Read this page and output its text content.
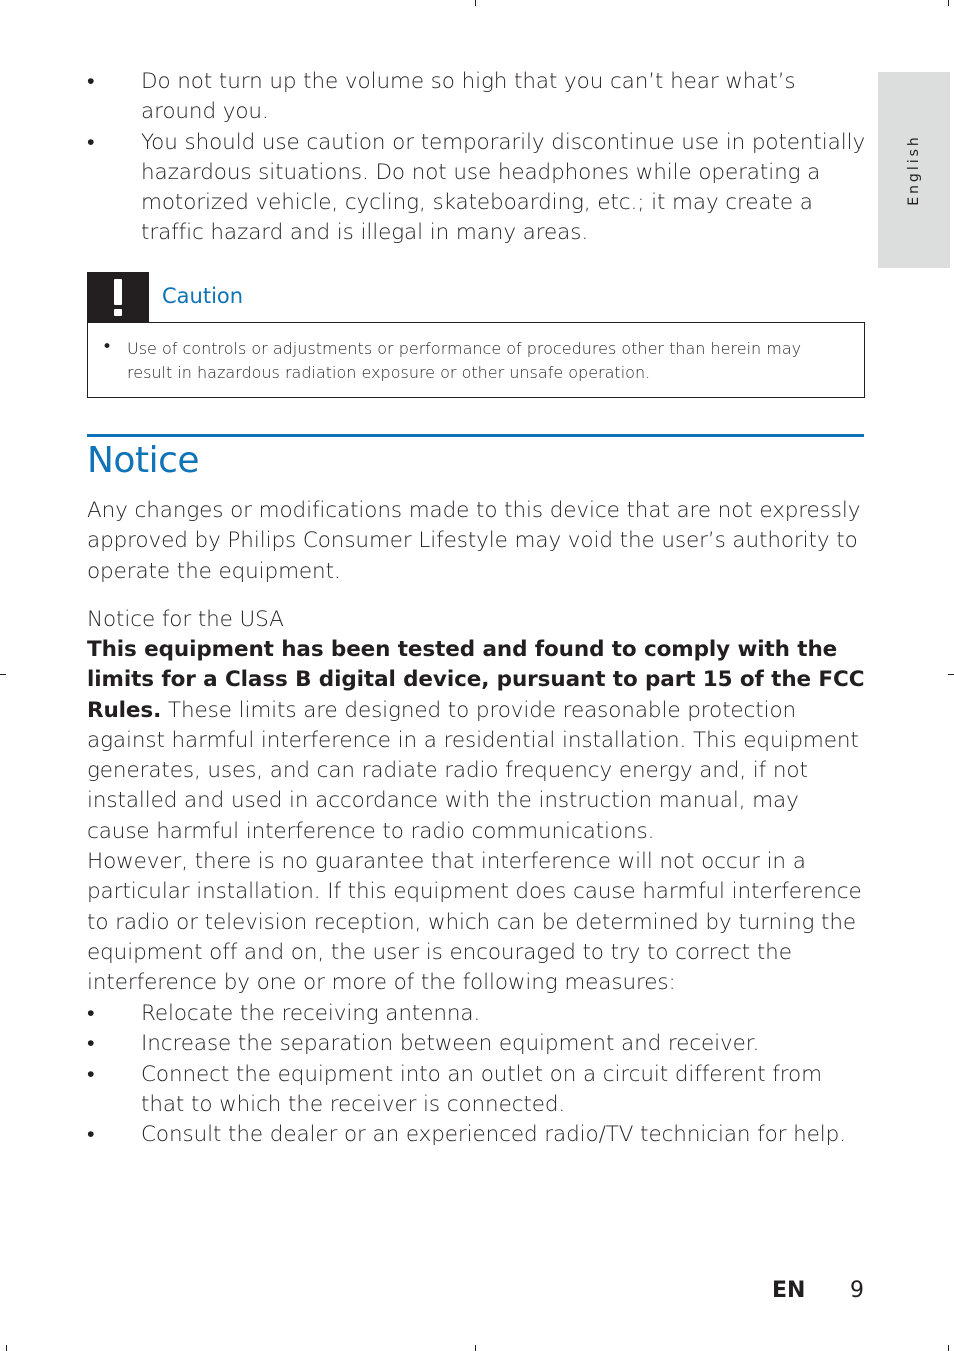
English
• Do not turn up the volume so high that you can’t hear what’s around you.
• You should use caution or temporarily discontinue use in potentially hazardous situations. Do not use headphones while operating a motorized vehicle, cycling, skateboarding, etc.; it may create a traffic hazard and is illegal in many areas.
Caution
• Use of controls or adjustments or performance of procedures other than herein may result in hazardous radiation exposure or other unsafe operation.
Notice

Any changes or modifications made to this device that are not expressly approved by Philips Consumer Lifestyle may void the user’s authority to operate the equipment.

Notice for the USA

This equipment has been tested and found to comply with the limits for a Class B digital device, pursuant to part 15 of the FCC Rules. These limits are designed to provide reasonable protection against harmful interference in a residential installation. This equipment generates, uses, and can radiate radio frequency energy and, if not installed and used in accordance with the instruction manual, may cause harmful interference to radio communications.

However, there is no guarantee that interference will not occur in a particular installation. If this equipment does cause harmful interference to radio or television reception, which can be determined by turning the equipment off and on, the user is encouraged to try to correct the interference by one or more of the following measures:

• Relocate the receiving antenna.
• Increase the separation between equipment and receiver.
• Connect the equipment into an outlet on a circuit different from that to which the receiver is connected.
• Consult the dealer or an experienced radio/TV technician for help.
EN 9
